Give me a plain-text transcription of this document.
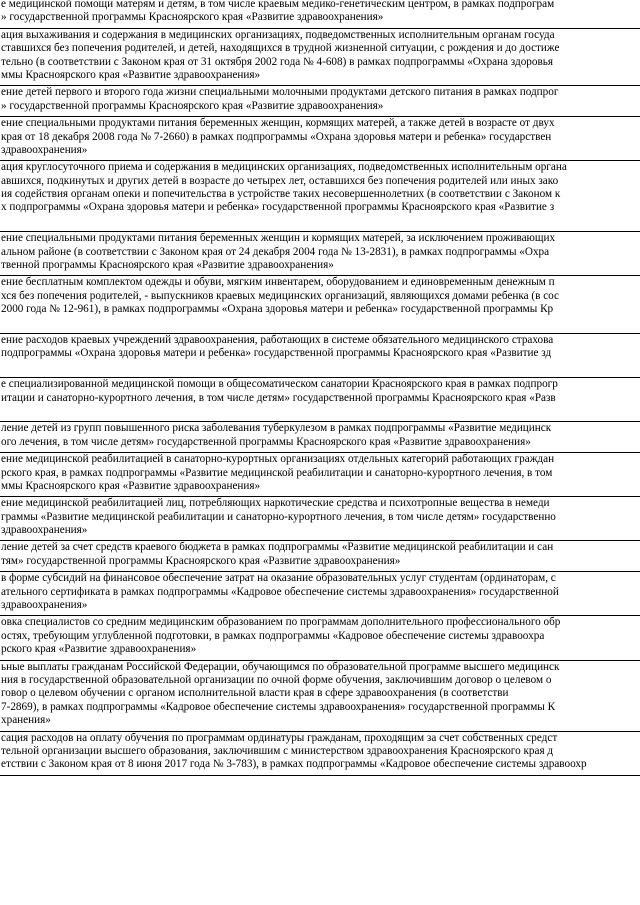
е медицинской помощи матерям и детям, в том числе краевым медико-генетическим центром, в рамках подпрограм
» государственной программы Красноярского края «Развитие здравоохранения»
ация выхаживания и содержания в медицинских организациях, подведомственных исполнительным органам госуда
ставшихся без попечения родителей, и детей, находящихся в трудной жизненной ситуации, с рождения и до достиже
тельно (в соответствии с Законом края от 31 октября 2002 года № 4-608) в рамках подпрограммы «Охрана здоровья
ммы Красноярского края «Развитие здравоохранения»
ение детей первого и второго года жизни специальными молочными продуктами детского питания в рамках подпрог
» государственной программы Красноярского края «Развитие здравоохранения»
ение специальными продуктами питания беременных женщин, кормящих матерей, а также детей в возрасте от двух
края от 18 декабря 2008 года № 7-2660) в рамках подпрограммы «Охрана здоровья матери и ребенка» государствен
здравоохранения»
ация круглосуточного приема и содержания в медицинских организациях, подведомственных исполнительным органа
авшихся, подкинутых и других детей в возрасте до четырех лет, оставшихся без попечения родителей или иных зако
ия содействия органам опеки и попечительства в устройстве таких несовершеннолетних (в соответствии с Законом к
х подпрограммы «Охрана здоровья матери и ребенка» государственной программы Красноярского края «Развитие з
ение специальными продуктами питания беременных женщин и кормящих матерей, за исключением проживающих
альном районе (в соответствии с Законом края от 24 декабря 2004 года № 13-2831), в рамках подпрограммы «Охра
твенной программы Красноярского края «Развитие здравоохранения»
ение бесплатным комплектом одежды и обуви, мягким инвентарем, оборудованием и единовременным денежным п
хся без попечения родителей, - выпускников краевых медицинских организаций, являющихся домами ребенка (в сос
2000 года № 12-961), в рамках подпрограммы «Охрана здоровья матери и ребенка» государственной программы Кр
ение расходов краевых учреждений здравоохранения, работающих в системе обязательного медицинского страхова
подпрограммы «Охрана здоровья матери и ребенка» государственной программы Красноярского края «Развитие зд
е специализированной медицинской помощи в общесоматическом санатории Красноярского края в рамках подпрогр
итации и санаторно-курортного лечения, в том числе детям» государственной программы Красноярского края «Разв
ление детей из групп повышенного риска заболевания туберкулезом в рамках подпрограммы «Развитие медицинск
ого лечения, в том числе детям» государственной программы Красноярского края «Развитие здравоохранения»
ение медицинской реабилитацией в санаторно-курортных организациях отдельных категорий работающих граждан
рского края, в рамках подпрограммы «Развитие медицинской реабилитации и санаторно-курортного лечения, в том
ммы Красноярского края «Развитие здравоохранения»
ение медицинской реабилитацией лиц, потребляющих наркотические средства и психотропные вещества в немеди
граммы «Развитие медицинской реабилитации и санаторно-курортного лечения, в том числе детям» государственно
здравоохранения»
ление детей за счет средств краевого бюджета в рамках подпрограммы «Развитие медицинской реабилитации и сан
тям» государственной программы Красноярского края «Развитие здравоохранения»
в форме субсидий на финансовое обеспечение затрат на оказание образовательных услуг студентам (ординаторам, с
ательного сертификата в рамках подпрограммы «Кадровое обеспечение системы здравоохранения» государственной
здравоохранения»
овка специалистов со средним медицинским образованием по программам дополнительного профессионального обр
остях, требующим углубленной подготовки, в рамках подпрограммы «Кадровое обеспечение системы здравоохра
рского края «Развитие здравоохранения»
ьные выплаты гражданам Российской Федерации, обучающимся по образовательной программе высшего медицинск
ния в государственной образовательной организации по очной форме обучения, заключившим договор о целевом о
говор о целевом обучении с органом исполнительной власти края в сфере здравоохранения (в соответстви
7-2869), в рамках подпрограммы «Кадровое обеспечение системы здравоохранения» государственной программы К
хранения»
сация расходов на оплату обучения по программам ординатуры гражданам, проходящим за счет собственных средст
тельной организации высшего образования, заключившим с министерством здравоохранения Красноярского края д
етствии с Законом края от 8 июня 2017 года № 3-783), в рамках подпрограммы «Кадровое обеспечение системы здравоохр
